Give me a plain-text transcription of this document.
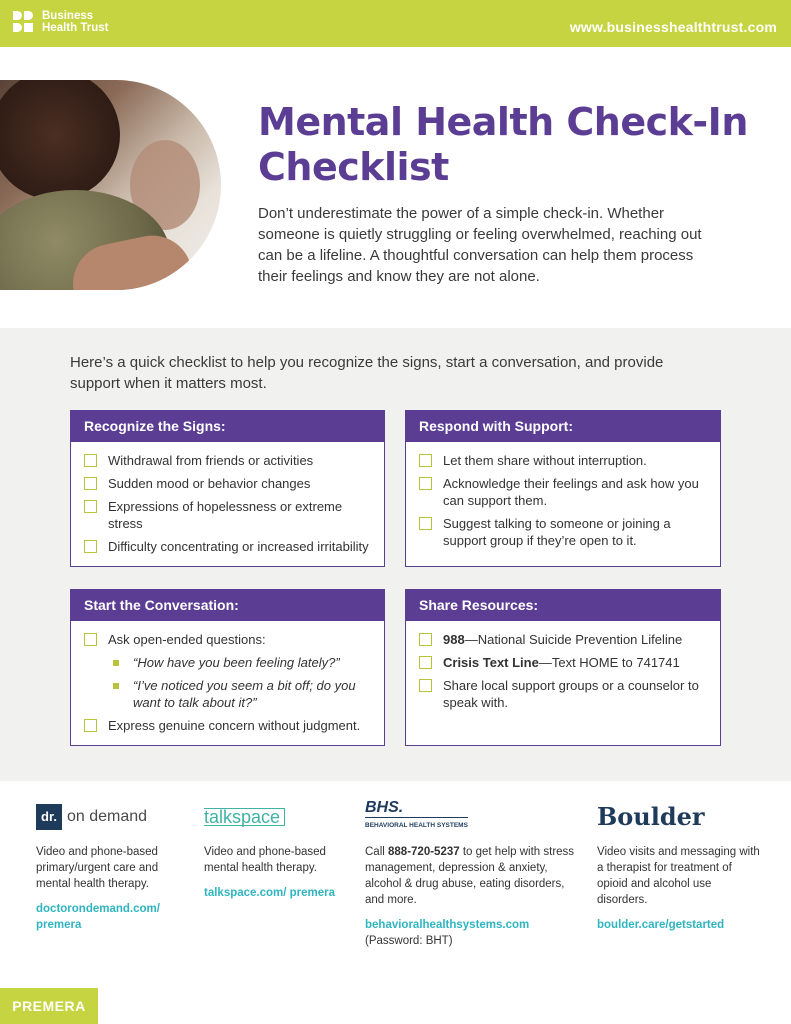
Business
Health Trust	www.businesshealthtrust.com
Mental Health Check-In Checklist
Don’t underestimate the power of a simple check-in. Whether someone is quietly struggling or feeling overwhelmed, reaching out can be a lifeline. A thoughtful conversation can help them process their feelings and know they are not alone.
Here’s a quick checklist to help you recognize the signs, start a conversation, and provide support when it matters most.
Recognize the Signs:
Withdrawal from friends or activities
Sudden mood or behavior changes
Expressions of hopelessness or extreme stress
Difficulty concentrating or increased irritability
Respond with Support:
Let them share without interruption.
Acknowledge their feelings and ask how you can support them.
Suggest talking to someone or joining a support group if they’re open to it.
Start the Conversation:
Ask open-ended questions:
“How have you been feeling lately?”
“I’ve noticed you seem a bit off; do you want to talk about it?”
Express genuine concern without judgment.
Share Resources:
988—National Suicide Prevention Lifeline
Crisis Text Line—Text HOME to 741741
Share local support groups or a counselor to speak with.
dr. on demand
Video and phone-based primary/urgent care and mental health therapy.
doctorondemand.com/ premera
talkspace
Video and phone-based mental health therapy.
talkspace.com/ premera
BHS.
BEHAVIORAL HEALTH SYSTEMS
Call 888-720-5237 to get help with stress management, depression & anxiety, alcohol & drug abuse, eating disorders, and more.
behavioralhealthsystems.com
(Password: BHT)
Boulder
Video visits and messaging with a therapist for treatment of opioid and alcohol use disorders.
boulder.care/getstarted
PREMERA
